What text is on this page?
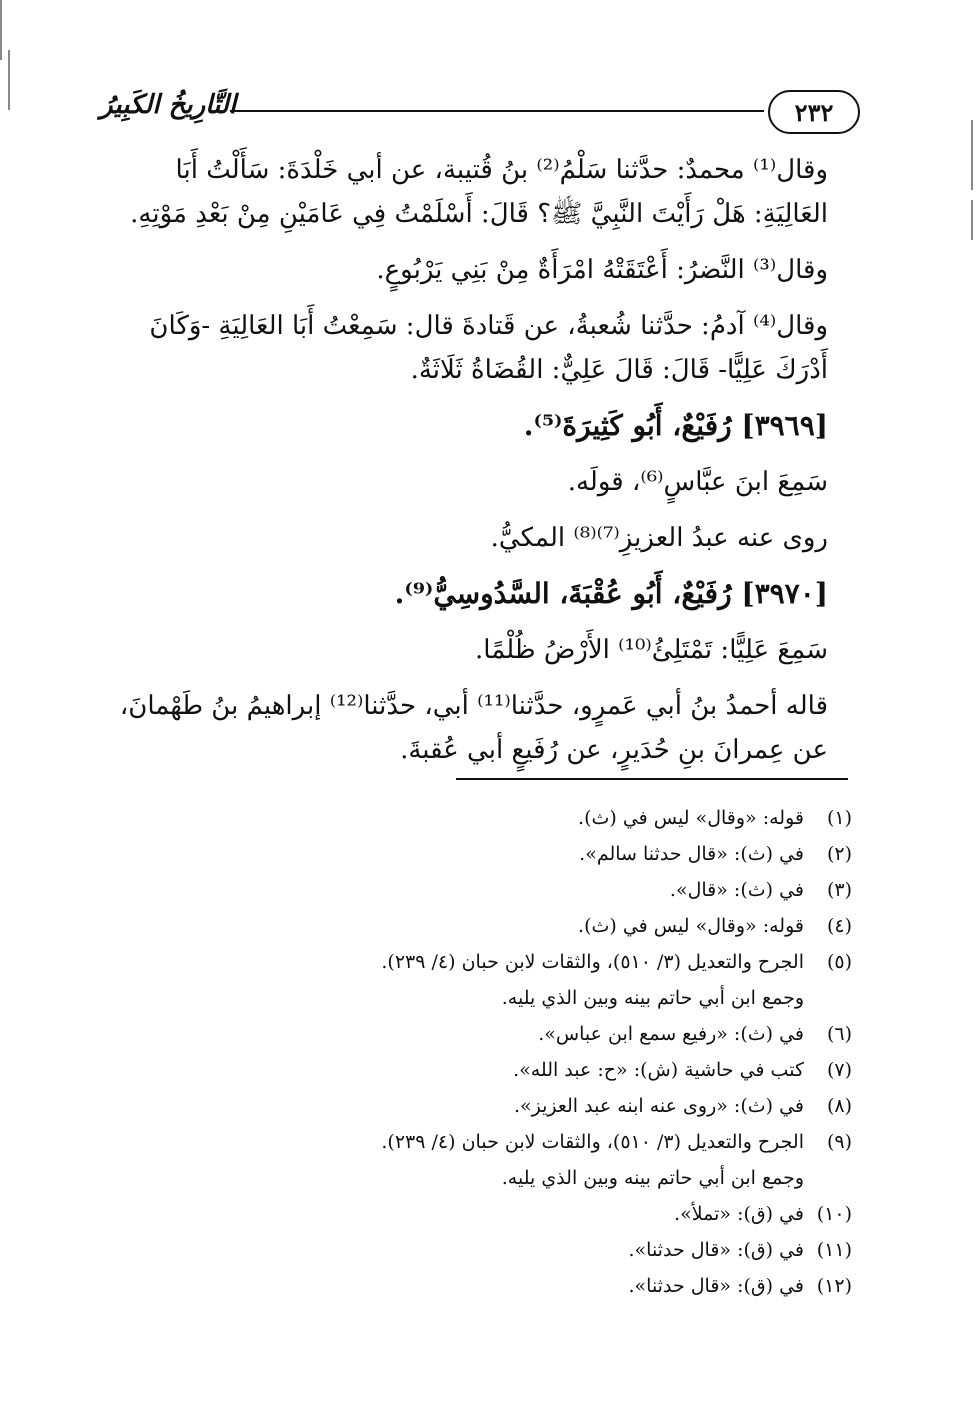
٢٣٢
التَّارِيخُ الكَبِيرُ

وقال⁽¹⁾ محمدٌ: حدَّثنا سَلْمُ⁽²⁾ بنُ قُتيبة، عن أبي خَلْدَةَ: سَأَلْتُ أَبَا العَالِيَةِ: هَلْ رَأَيْتَ النَّبِيَّ ﷺ؟ قَالَ: أَسْلَمْتُ فِي عَامَيْنِ مِنْ بَعْدِ مَوْتِهِ.

وقال⁽³⁾ النَّضرُ: أَعْتَقَتْهُ امْرَأَةٌ مِنْ بَنِي يَرْبُوعٍ.

وقال⁽⁴⁾ آدمُ: حدَّثنا شُعبةُ، عن قَتادةَ قال: سَمِعْتُ أَبَا العَالِيَةِ -وَكَانَ أَدْرَكَ عَلِيًّا- قَالَ: قَالَ عَلِيٌّ: القُضَاةُ ثَلَاثَةٌ.

[٣٩٦٩] رُفَيْعٌ، أَبُو كَثِيرَةَ⁽⁵⁾.

سَمِعَ ابنَ عبَّاسٍ⁽⁶⁾، قولَه.

روى عنه عبدُ العزيزِ⁽⁷⁾⁽⁸⁾ المكيُّ.

[٣٩٧٠] رُفَيْعٌ، أَبُو عُقْبَةَ، السَّدُوسِيُّ⁽⁹⁾.

سَمِعَ عَلِيًّا: تَمْتَلِئُ⁽¹⁰⁾ الأَرْضُ ظُلْمًا.

قاله أحمدُ بنُ أبي عَمرٍو، حدَّثنا⁽¹¹⁾ أبي، حدَّثنا⁽¹²⁾ إبراهيمُ بنُ طَهْمانَ، عن عِمرانَ بنِ حُدَيرٍ، عن رُفَيعٍ أبي عُقبةَ.

(١)
قوله: «وقال» ليس في (ث).
(٢)
في (ث): «قال حدثنا سالم».
(٣)
في (ث): «قال».
(٤)
قوله: «وقال» ليس في (ث).
(٥)
الجرح والتعديل (٣/ ٥١٠)، والثقات لابن حبان (٤/ ٢٣٩).
وجمع ابن أبي حاتم بينه وبين الذي يليه.
(٦)
في (ث): «رفيع سمع ابن عباس».
(٧)
كتب في حاشية (ش): «ح: عبد الله».
(٨)
في (ث): «روى عنه ابنه عبد العزيز».
(٩)
الجرح والتعديل (٣/ ٥١٠)، والثقات لابن حبان (٤/ ٢٣٩).
وجمع ابن أبي حاتم بينه وبين الذي يليه.
(١٠)
في (ق): «تملأ».
(١١)
في (ق): «قال حدثنا».
(١٢)
في (ق): «قال حدثنا».
